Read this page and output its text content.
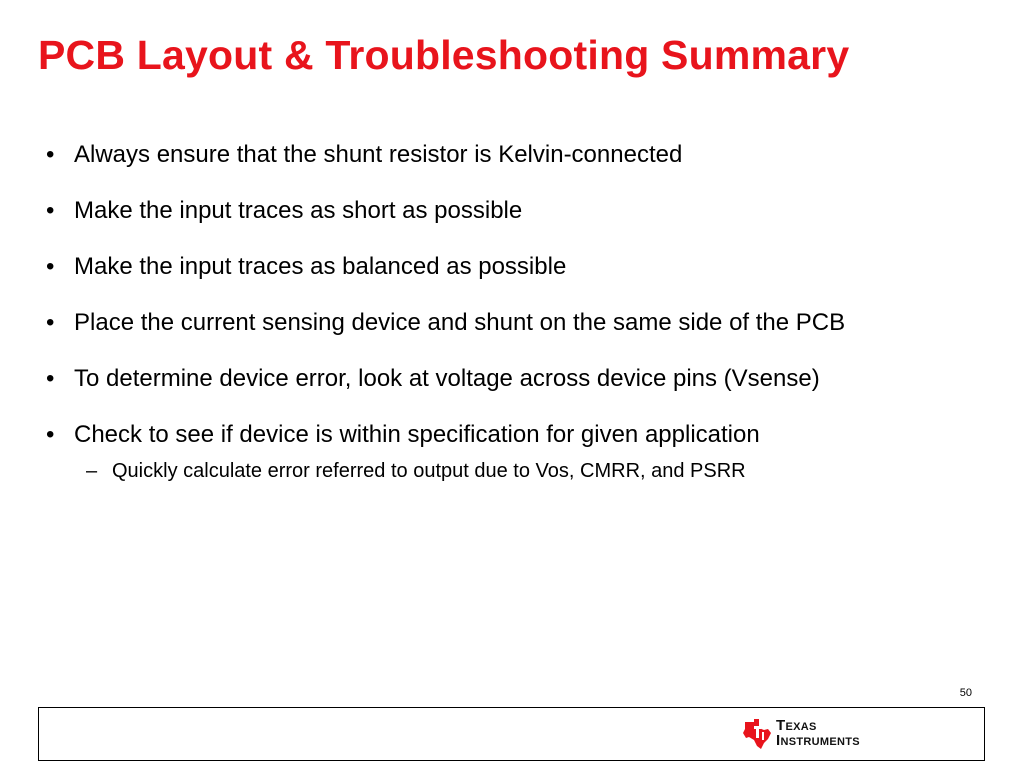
PCB Layout & Troubleshooting Summary
• Always ensure that the shunt resistor is Kelvin-connected
• Make the input traces as short as possible
• Make the input traces as balanced as possible
• Place the current sensing device and shunt on the same side of the PCB
• To determine device error, look at voltage across device pins (Vsense)
• Check to see if device is within specification for given application
– Quickly calculate error referred to output due to Vos, CMRR, and PSRR
50
TEXAS
INSTRUMENTS
